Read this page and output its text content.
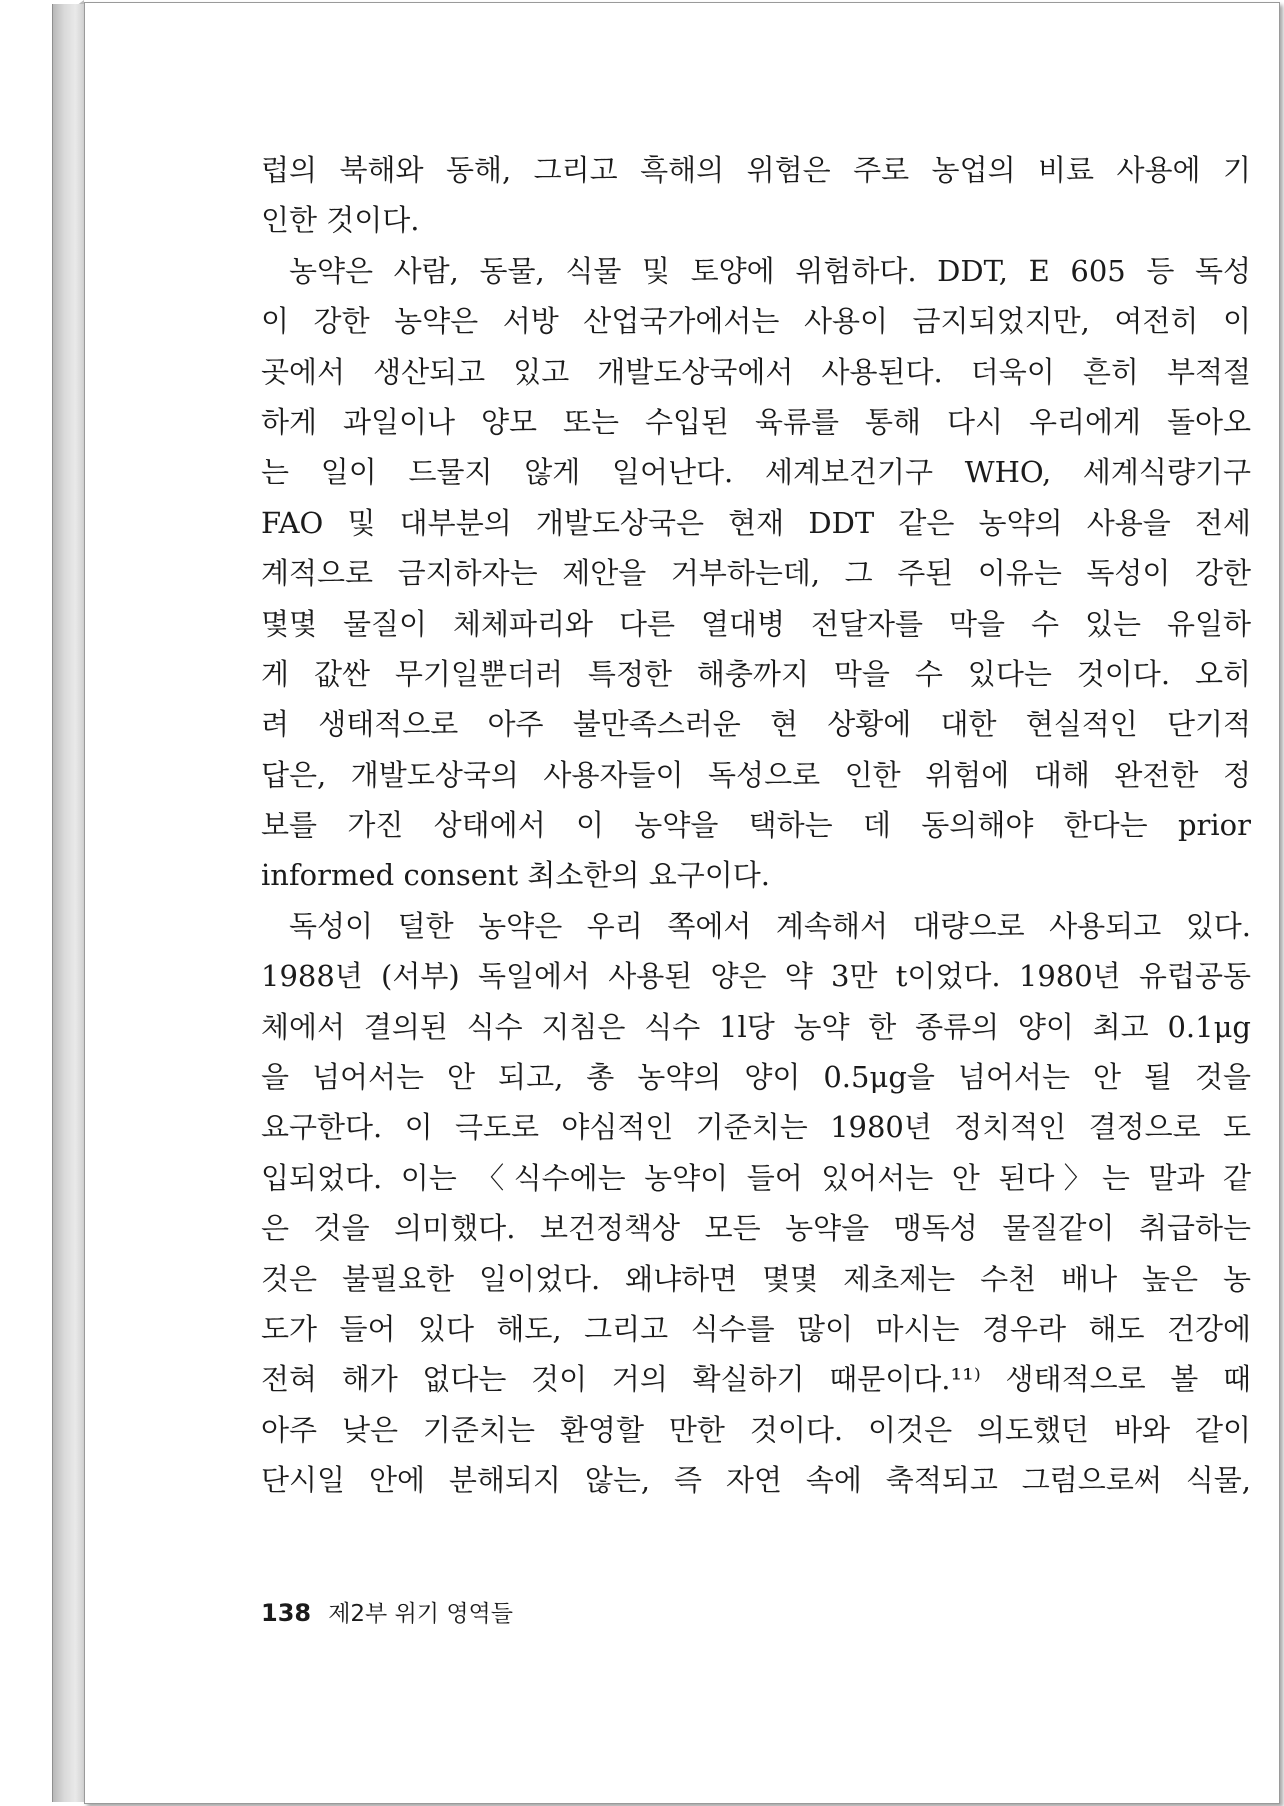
럽의 북해와 동해, 그리고 흑해의 위험은 주로 농업의 비료 사용에 기
인한 것이다.
농약은 사람, 동물, 식물 및 토양에 위험하다. DDT, E 605 등 독성
이 강한 농약은 서방 산업국가에서는 사용이 금지되었지만, 여전히 이
곳에서 생산되고 있고 개발도상국에서 사용된다. 더욱이 흔히 부적절
하게 과일이나 양모 또는 수입된 육류를 통해 다시 우리에게 돌아오
는 일이 드물지 않게 일어난다. 세계보건기구 WHO, 세계식량기구
FAO 및 대부분의 개발도상국은 현재 DDT 같은 농약의 사용을 전세
계적으로 금지하자는 제안을 거부하는데, 그 주된 이유는 독성이 강한
몇몇 물질이 체체파리와 다른 열대병 전달자를 막을 수 있는 유일하
게 값싼 무기일뿐더러 특정한 해충까지 막을 수 있다는 것이다. 오히
려 생태적으로 아주 불만족스러운 현 상황에 대한 현실적인 단기적
답은, 개발도상국의 사용자들이 독성으로 인한 위험에 대해 완전한 정
보를 가진 상태에서 이 농약을 택하는 데 동의해야 한다는 prior
informed consent 최소한의 요구이다.
독성이 덜한 농약은 우리 쪽에서 계속해서 대량으로 사용되고 있다.
1988년 (서부) 독일에서 사용된 양은 약 3만 t이었다. 1980년 유럽공동
체에서 결의된 식수 지침은 식수 1l당 농약 한 종류의 양이 최고 0.1μg
을 넘어서는 안 되고, 총 농약의 양이 0.5μg을 넘어서는 안 될 것을
요구한다. 이 극도로 야심적인 기준치는 1980년 정치적인 결정으로 도
입되었다. 이는 〈식수에는 농약이 들어 있어서는 안 된다〉는 말과 같
은 것을 의미했다. 보건정책상 모든 농약을 맹독성 물질같이 취급하는
것은 불필요한 일이었다. 왜냐하면 몇몇 제초제는 수천 배나 높은 농
도가 들어 있다 해도, 그리고 식수를 많이 마시는 경우라 해도 건강에
전혀 해가 없다는 것이 거의 확실하기 때문이다.¹¹⁾ 생태적으로 볼 때
아주 낮은 기준치는 환영할 만한 것이다. 이것은 의도했던 바와 같이
단시일 안에 분해되지 않는, 즉 자연 속에 축적되고 그럼으로써 식물,
138 제2부 위기 영역들
